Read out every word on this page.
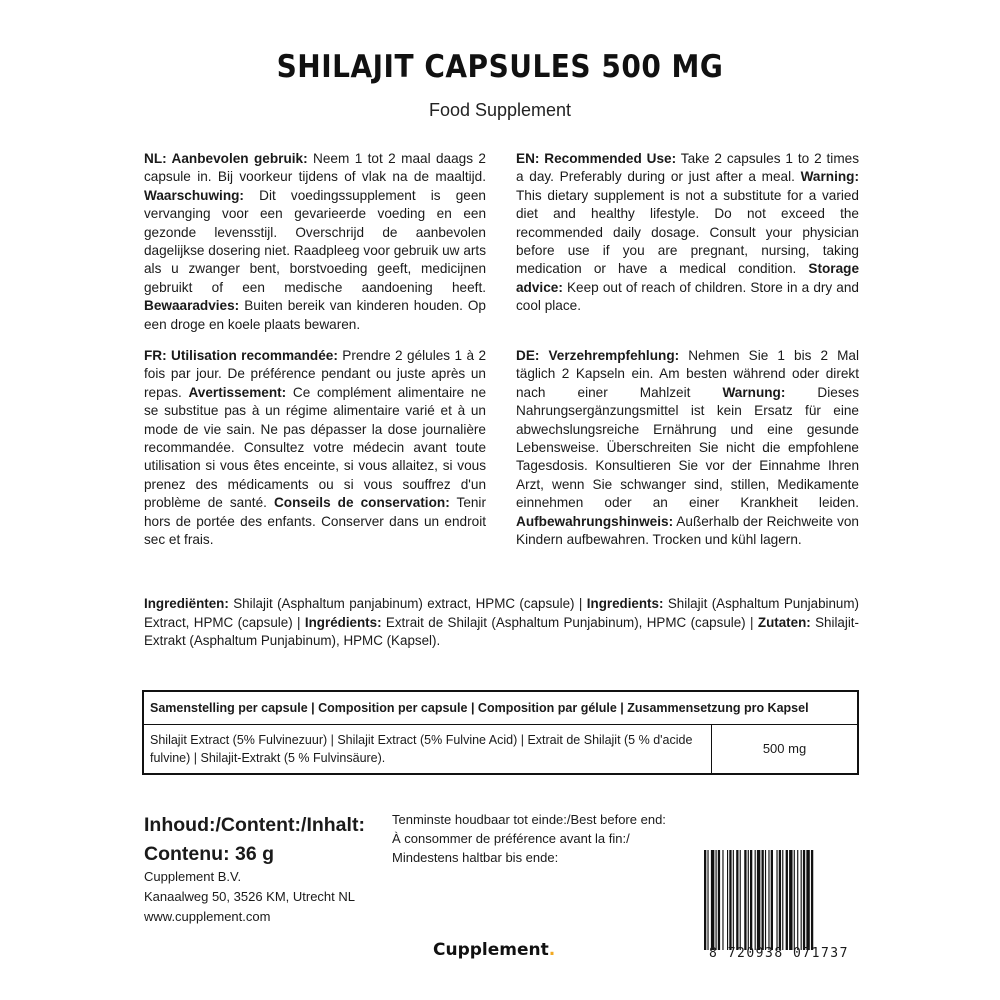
SHILAJIT CAPSULES 500 MG
Food Supplement
NL: Aanbevolen gebruik: Neem 1 tot 2 maal daags 2 capsule in. Bij voorkeur tijdens of vlak na de maaltijd. Waarschuwing: Dit voedingssupplement is geen vervanging voor een gevarieerde voeding en een gezonde levensstijl. Overschrijd de aanbevolen dagelijkse dosering niet. Raadpleeg voor gebruik uw arts als u zwanger bent, borstvoeding geeft, medicijnen gebruikt of een medische aandoening heeft. Bewaaradvies: Buiten bereik van kinderen houden. Op een droge en koele plaats bewaren.
EN: Recommended Use: Take 2 capsules 1 to 2 times a day. Preferably during or just after a meal. Warning: This dietary supplement is not a substitute for a varied diet and healthy lifestyle. Do not exceed the recommended daily dosage. Consult your physician before use if you are pregnant, nursing, taking medication or have a medical condition. Storage advice: Keep out of reach of children. Store in a dry and cool place.
FR: Utilisation recommandée: Prendre 2 gélules 1 à 2 fois par jour. De préférence pendant ou juste après un repas. Avertissement: Ce complément alimentaire ne se substitue pas à un régime alimentaire varié et à un mode de vie sain. Ne pas dépasser la dose journalière recommandée. Consultez votre médecin avant toute utilisation si vous êtes enceinte, si vous allaitez, si vous prenez des médicaments ou si vous souffrez d'un problème de santé. Conseils de conservation: Tenir hors de portée des enfants. Conserver dans un endroit sec et frais.
DE: Verzehrempfehlung: Nehmen Sie 1 bis 2 Mal täglich 2 Kapseln ein. Am besten während oder direkt nach einer Mahlzeit Warnung: Dieses Nahrungsergänzungsmittel ist kein Ersatz für eine abwechslungsreiche Ernährung und eine gesunde Lebensweise. Überschreiten Sie nicht die empfohlene Tagesdosis. Konsultieren Sie vor der Einnahme Ihren Arzt, wenn Sie schwanger sind, stillen, Medikamente einnehmen oder an einer Krankheit leiden. Aufbewahrungshinweis: Außerhalb der Reichweite von Kindern aufbewahren. Trocken und kühl lagern.
Ingrediënten: Shilajit (Asphaltum panjabinum) extract, HPMC (capsule) | Ingredients: Shilajit (Asphaltum Punjabinum) Extract, HPMC (capsule) | Ingrédients: Extrait de Shilajit (Asphaltum Punjabinum), HPMC (capsule) | Zutaten: Shilajit-Extrakt (Asphaltum Punjabinum), HPMC (Kapsel).
Samenstelling per capsule | Composition per capsule | Composition par gélule | Zusammensetzung pro Kapsel
Shilajit Extract (5% Fulvinezuur) | Shilajit Extract (5% Fulvine Acid) | Extrait de Shilajit (5 % d'acide fulvine) | Shilajit-Extrakt (5 % Fulvinsäure).
500 mg
Inhoud:/Content:/Inhalt:
Contenu: 36 g
Cupplement B.V.
Kanaalweg 50, 3526 KM, Utrecht NL
www.cupplement.com
Tenminste houdbaar tot einde:/Best before end:
À consommer de préférence avant la fin:/
Mindestens haltbar bis ende:
Cupplement.	8 720938 071737
